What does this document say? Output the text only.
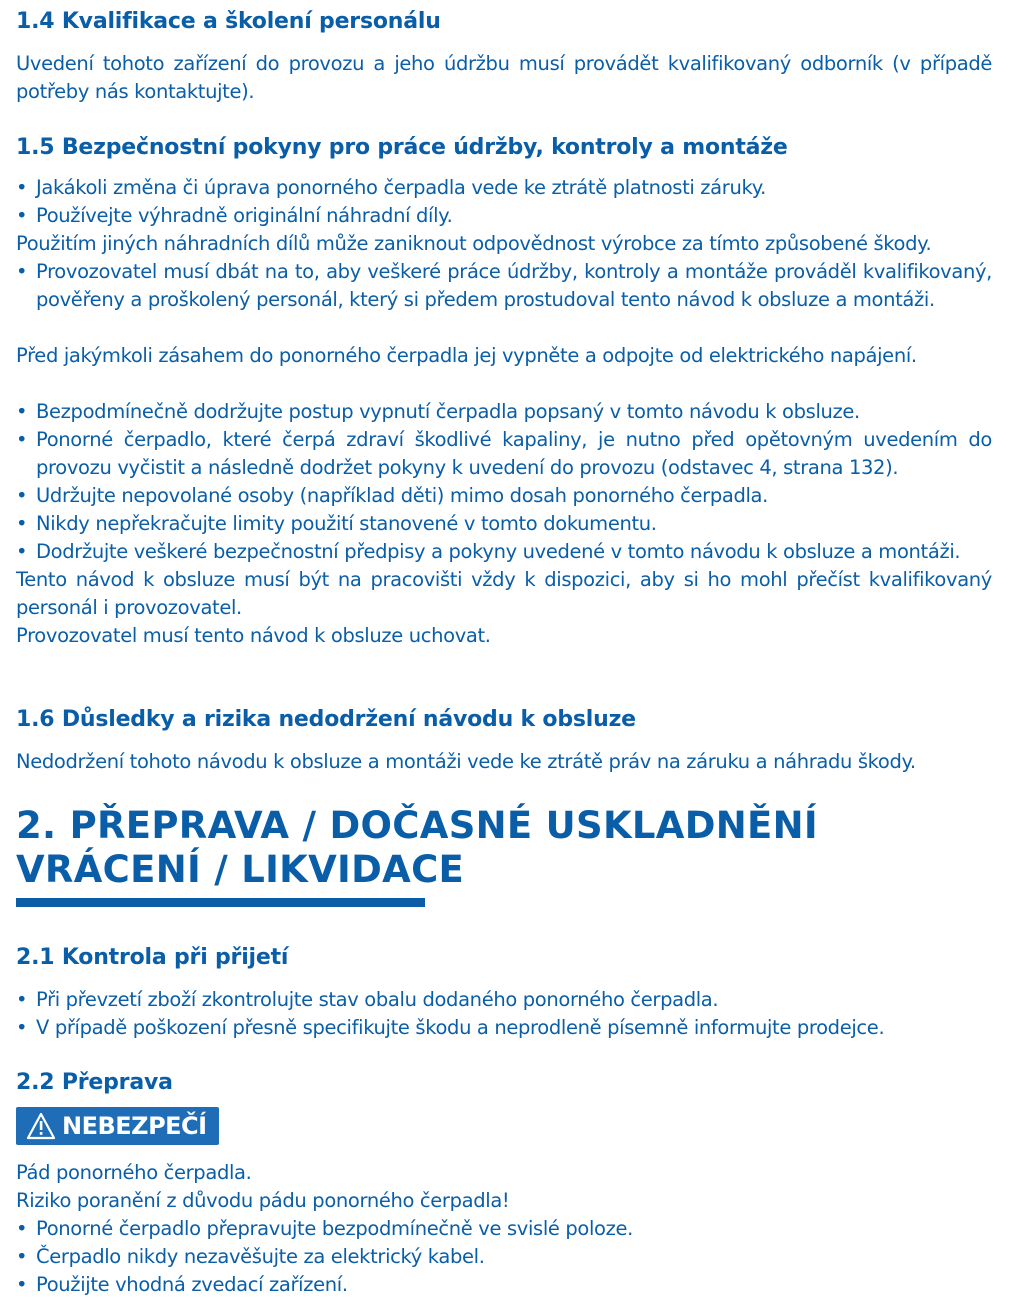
1.4 Kvalifikace a školení personálu

Uvedení tohoto zařízení do provozu a jeho údržbu musí provádět kvalifikovaný odborník (v případě potřeby nás kontaktujte).

1.5 Bezpečnostní pokyny pro práce údržby, kontroly a montáže
• Jakákoli změna či úprava ponorného čerpadla vede ke ztrátě platnosti záruky.
• Používejte výhradně originální náhradní díly.

Použitím jiných náhradních dílů může zaniknout odpovědnost výrobce za tímto způsobené škody.

• Provozovatel musí dbát na to, aby veškeré práce údržby, kontroly a montáže prováděl kvalifikovaný, pověřeny a proškolený personál, který si předem prostudoval tento návod k obsluze a montáži.

Před jakýmkoli zásahem do ponorného čerpadla jej vypněte a odpojte od elektrického napájení.

• Bezpodmínečně dodržujte postup vypnutí čerpadla popsaný v tomto návodu k obsluze.
• Ponorné čerpadlo, které čerpá zdraví škodlivé kapaliny, je nutno před opětovným uvedením do provozu vyčistit a následně dodržet pokyny k uvedení do provozu (odstavec 4, strana 132).
• Udržujte nepovolané osoby (například děti) mimo dosah ponorného čerpadla.
• Nikdy nepřekračujte limity použití stanovené v tomto dokumentu.
• Dodržujte veškeré bezpečnostní předpisy a pokyny uvedené v tomto návodu k obsluze a montáži.

Tento návod k obsluze musí být na pracovišti vždy k dispozici, aby si ho mohl přečíst kvalifikovaný personál i provozovatel.

Provozovatel musí tento návod k obsluze uchovat.

1.6 Důsledky a rizika nedodržení návodu k obsluze

Nedodržení tohoto návodu k obsluze a montáži vede ke ztrátě práv na záruku a náhradu škody.

2. PŘEPRAVA / DOČASNÉ USKLADNĚNÍ
VRÁCENÍ / LIKVIDACE
2.1 Kontrola při přijetí
• Při převzetí zboží zkontrolujte stav obalu dodaného ponorného čerpadla.
• V případě poškození přesně specifikujte škodu a neprodleně písemně informujte prodejce.
2.2 Přeprava
NEBEZPEČÍ

Pád ponorného čerpadla.

Riziko poranění z důvodu pádu ponorného čerpadla!

• Ponorné čerpadlo přepravujte bezpodmínečně ve svislé poloze.
• Čerpadlo nikdy nezavěšujte za elektrický kabel.
• Použijte vhodná zvedací zařízení.
